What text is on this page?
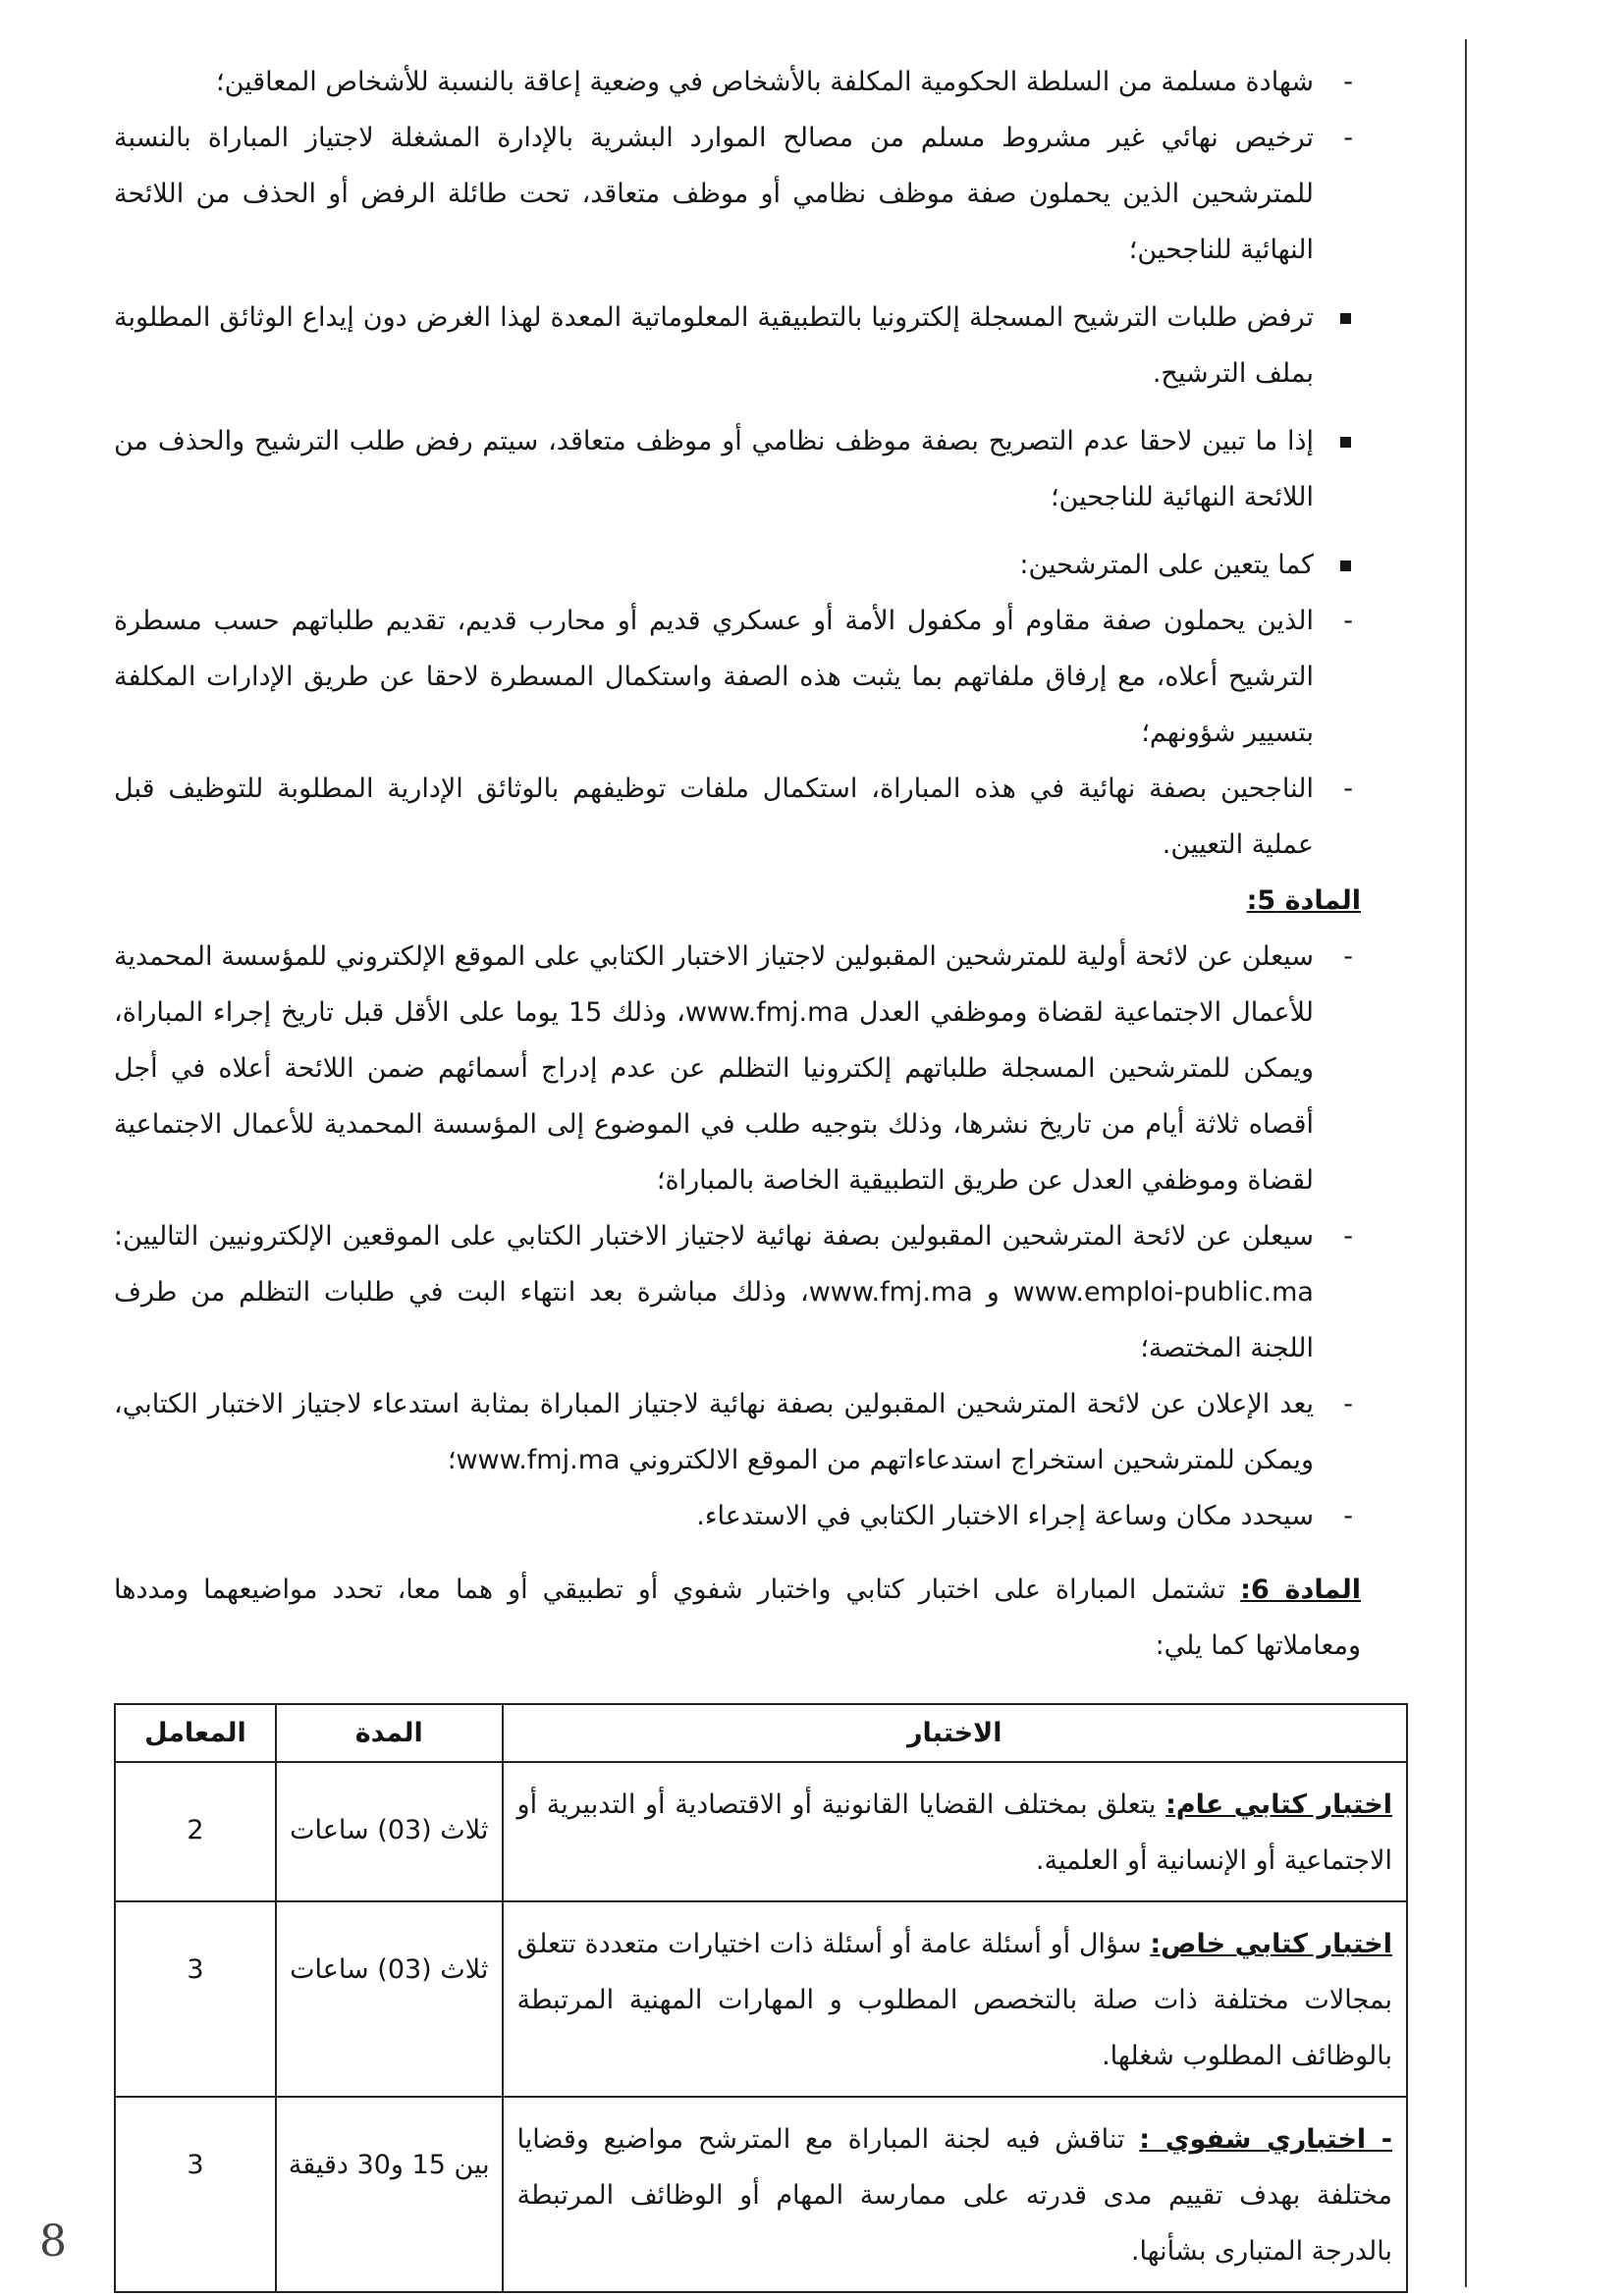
- شهادة مسلمة من السلطة الحكومية المكلفة بالأشخاص في وضعية إعاقة بالنسبة للأشخاص المعاقين؛

- ترخيص نهائي غير مشروط مسلم من مصالح الموارد البشرية بالإدارة المشغلة لاجتياز المباراة بالنسبة للمترشحين الذين يحملون صفة موظف نظامي أو موظف متعاقد، تحت طائلة الرفض أو الحذف من اللائحة النهائية للناجحين؛

ترفض طلبات الترشيح المسجلة إلكترونيا بالتطبيقية المعلوماتية المعدة لهذا الغرض دون إيداع الوثائق المطلوبة بملف الترشيح.

إذا ما تبين لاحقا عدم التصريح بصفة موظف نظامي أو موظف متعاقد، سيتم رفض طلب الترشيح والحذف من اللائحة النهائية للناجحين؛

كما يتعين على المترشحين:

- الذين يحملون صفة مقاوم أو مكفول الأمة أو عسكري قديم أو محارب قديم، تقديم طلباتهم حسب مسطرة الترشيح أعلاه، مع إرفاق ملفاتهم بما يثبت هذه الصفة واستكمال المسطرة لاحقا عن طريق الإدارات المكلفة بتسيير شؤونهم؛

- الناجحين بصفة نهائية في هذه المباراة، استكمال ملفات توظيفهم بالوثائق الإدارية المطلوبة للتوظيف قبل عملية التعيين.

المادة 5:

- سيعلن عن لائحة أولية للمترشحين المقبولين لاجتياز الاختبار الكتابي على الموقع الإلكتروني للمؤسسة المحمدية للأعمال الاجتماعية لقضاة وموظفي العدل www.fmj.ma، وذلك 15 يوما على الأقل قبل تاريخ إجراء المباراة، ويمكن للمترشحين المسجلة طلباتهم إلكترونيا التظلم عن عدم إدراج أسمائهم ضمن اللائحة أعلاه في أجل أقصاه ثلاثة أيام من تاريخ نشرها، وذلك بتوجيه طلب في الموضوع إلى المؤسسة المحمدية للأعمال الاجتماعية لقضاة وموظفي العدل عن طريق التطبيقية الخاصة بالمباراة؛

- سيعلن عن لائحة المترشحين المقبولين بصفة نهائية لاجتياز الاختبار الكتابي على الموقعين الإلكترونيين التاليين: www.emploi-public.ma و www.fmj.ma، وذلك مباشرة بعد انتهاء البت في طلبات التظلم من طرف اللجنة المختصة؛

- يعد الإعلان عن لائحة المترشحين المقبولين بصفة نهائية لاجتياز المباراة بمثابة استدعاء لاجتياز الاختبار الكتابي، ويمكن للمترشحين استخراج استدعاءاتهم من الموقع الالكتروني www.fmj.ma؛

- سيحدد مكان وساعة إجراء الاختبار الكتابي في الاستدعاء.

المادة 6: تشتمل المباراة على اختبار كتابي واختبار شفوي أو تطبيقي أو هما معا، تحدد مواضيعهما ومددها ومعاملاتها كما يلي:

الاختبار	المدة	المعامل
اختبار كتابي عام: يتعلق بمختلف القضايا القانونية أو الاقتصادية أو التدبيرية أو الاجتماعية أو الإنسانية أو العلمية.	ثلاث (03) ساعات	2
اختبار كتابي خاص: سؤال أو أسئلة عامة أو أسئلة ذات اختيارات متعددة تتعلق بمجالات مختلفة ذات صلة بالتخصص المطلوب و المهارات المهنية المرتبطة بالوظائف المطلوب شغلها.	ثلاث (03) ساعات	3
- اختباري شفوي : تناقش فيه لجنة المباراة مع المترشح مواضيع وقضايا مختلفة بهدف تقييم مدى قدرته على ممارسة المهام أو الوظائف المرتبطة بالدرجة المتبارى بشأنها.	بين 15 و30 دقيقة	3
8
